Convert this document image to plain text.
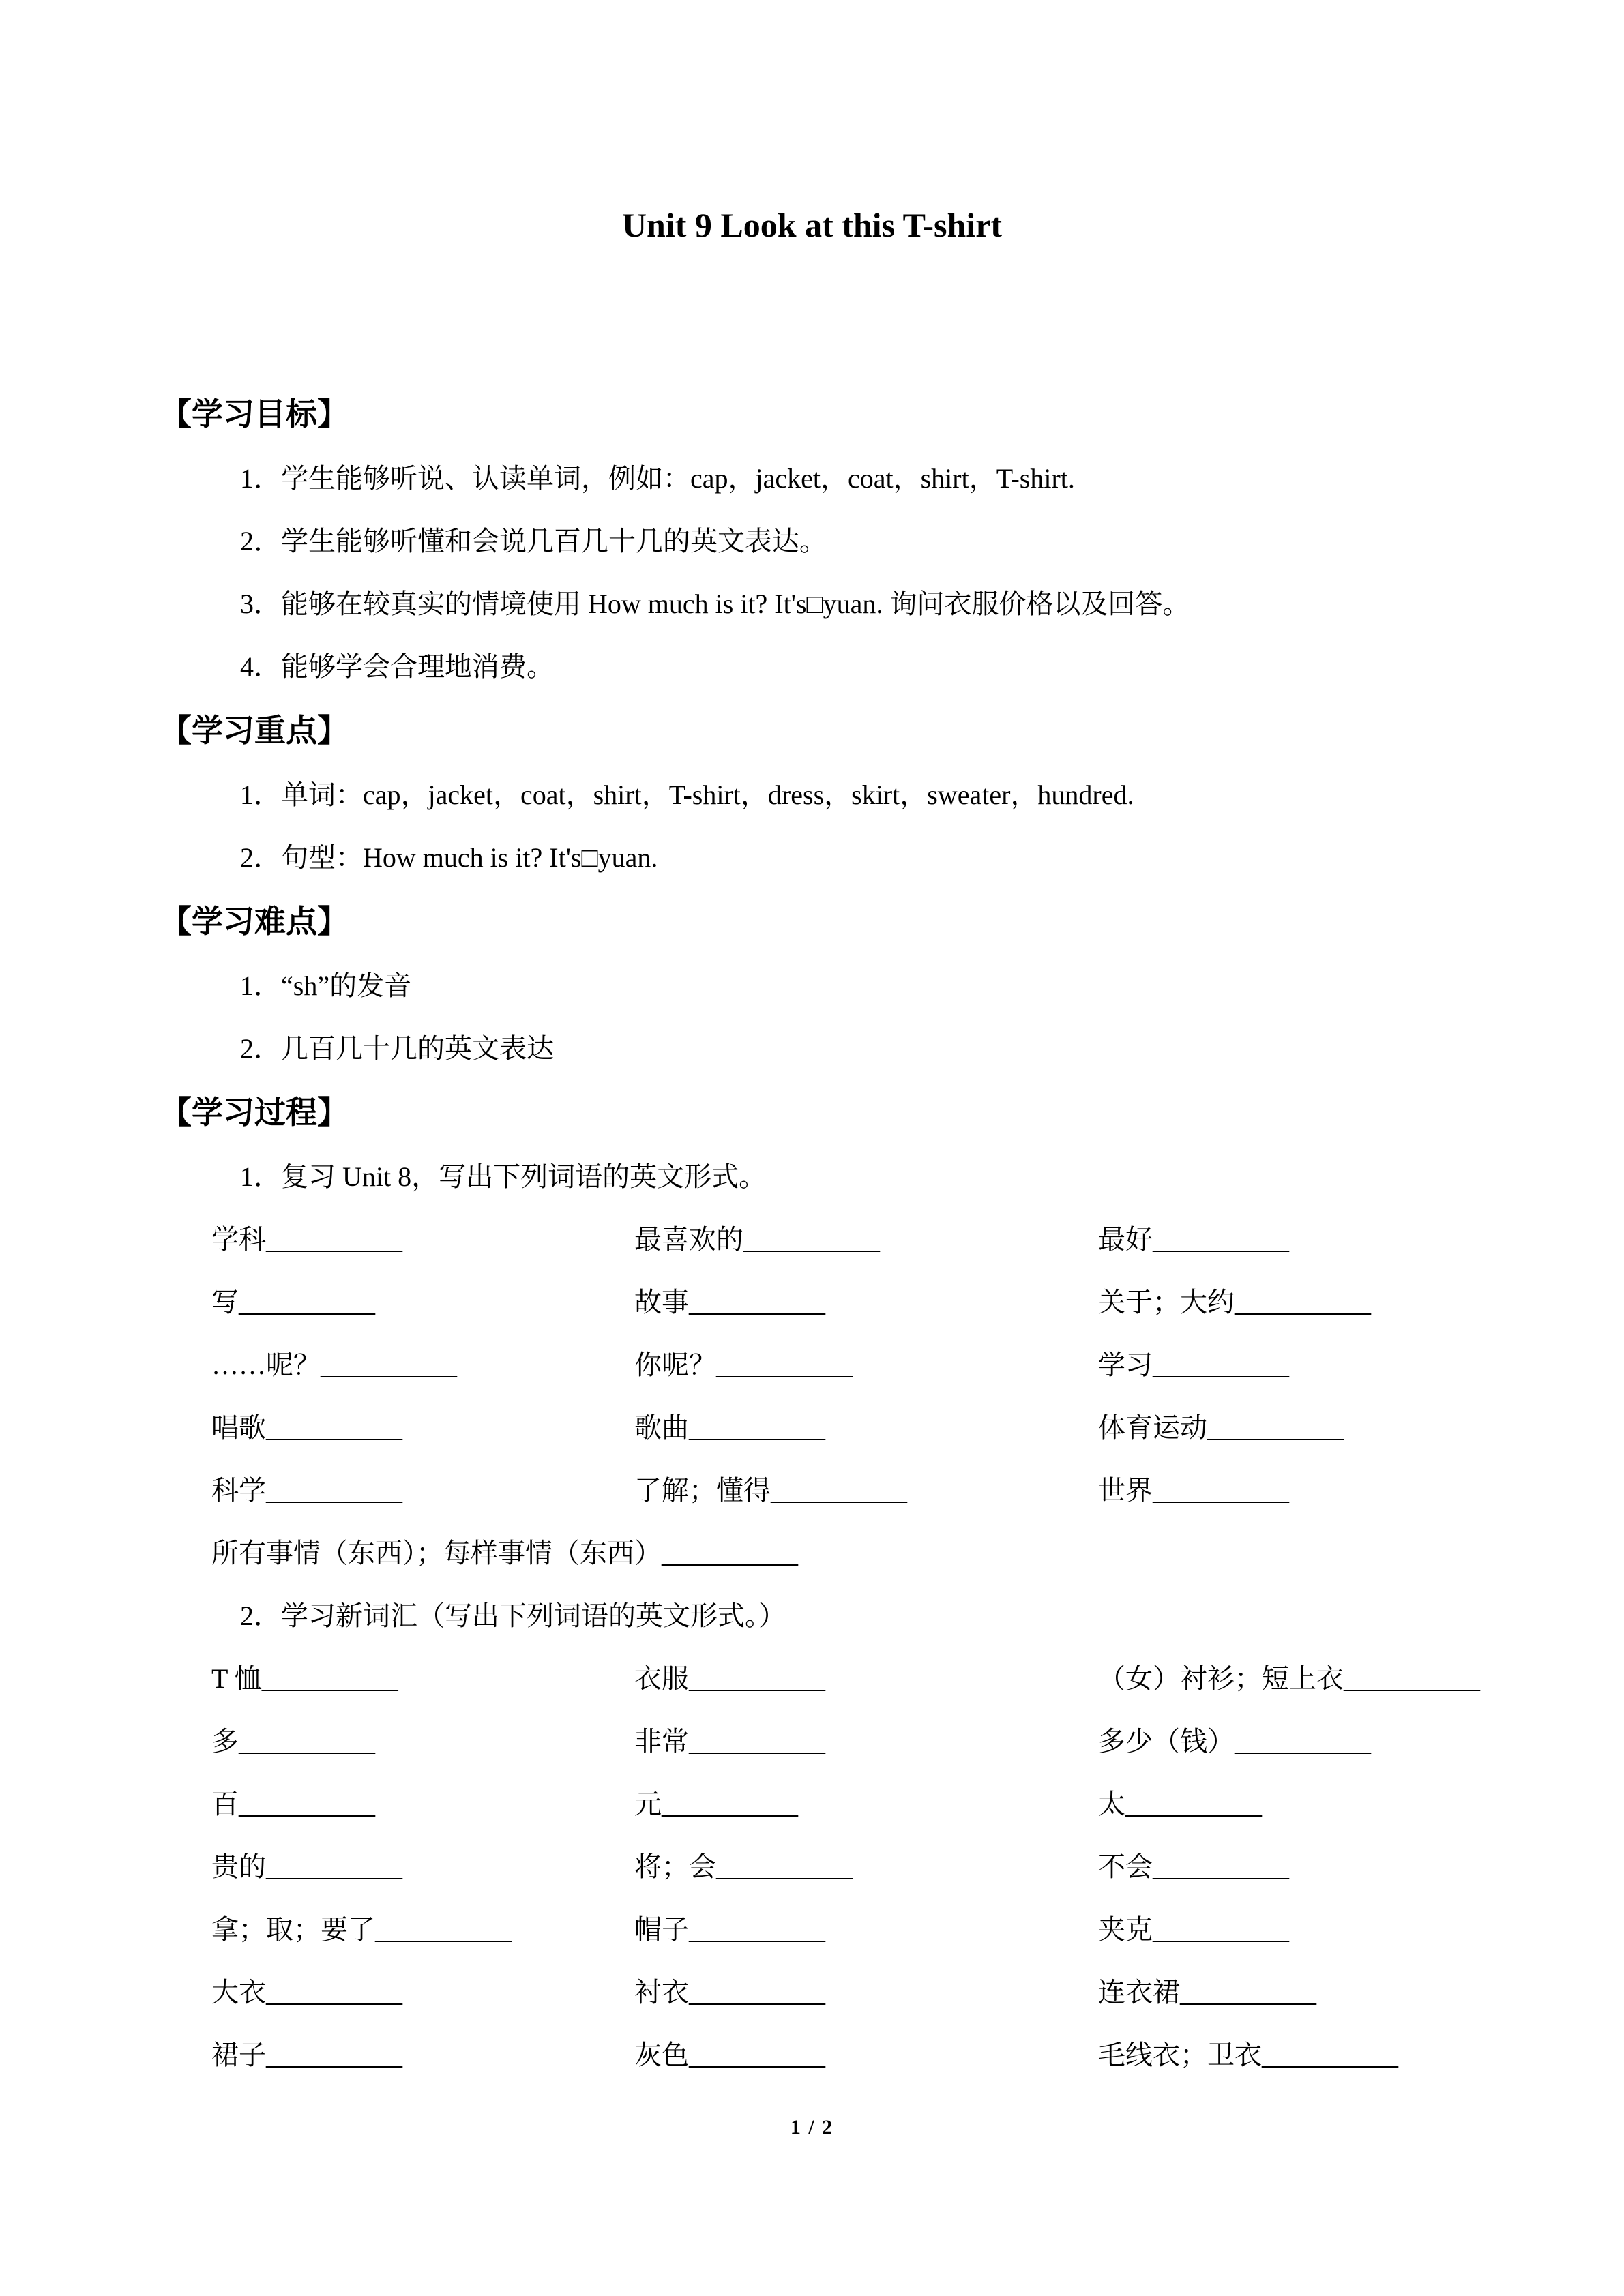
Unit 9 Look at this T-shirt
【学习目标】

1．学生能够听说、认读单词，例如：cap，jacket，coat，shirt，T-shirt.

2．学生能够听懂和会说几百几十几的英文表达。

3．能够在较真实的情境使用 How much is it? It's□yuan. 询问衣服价格以及回答。

4．能够学会合理地消费。

【学习重点】

1．单词：cap，jacket，coat，shirt，T-shirt，dress，skirt，sweater，hundred.

2．句型：How much is it? It's□yuan.

【学习难点】

1．“sh”的发音

2．几百几十几的英文表达

【学习过程】

1．复习 Unit 8，写出下列词语的英文形式。

学科__________	最喜欢的__________	最好__________
写__________	故事__________	关于；大约__________
……呢？__________	你呢？__________	学习__________
唱歌__________	歌曲__________	体育运动__________
科学__________	了解；懂得__________	世界__________

所有事情（东西）；每样事情（东西）__________

2．学习新词汇（写出下列词语的英文形式。）

T 恤__________	衣服__________	（女）衬衫；短上衣__________
多__________	非常__________	多少（钱）__________
百__________	元__________	太__________
贵的__________	将；会__________	不会__________
拿；取；要了__________	帽子__________	夹克__________
大衣__________	衬衣__________	连衣裙__________
裙子__________	灰色__________	毛线衣；卫衣__________
1 / 2
